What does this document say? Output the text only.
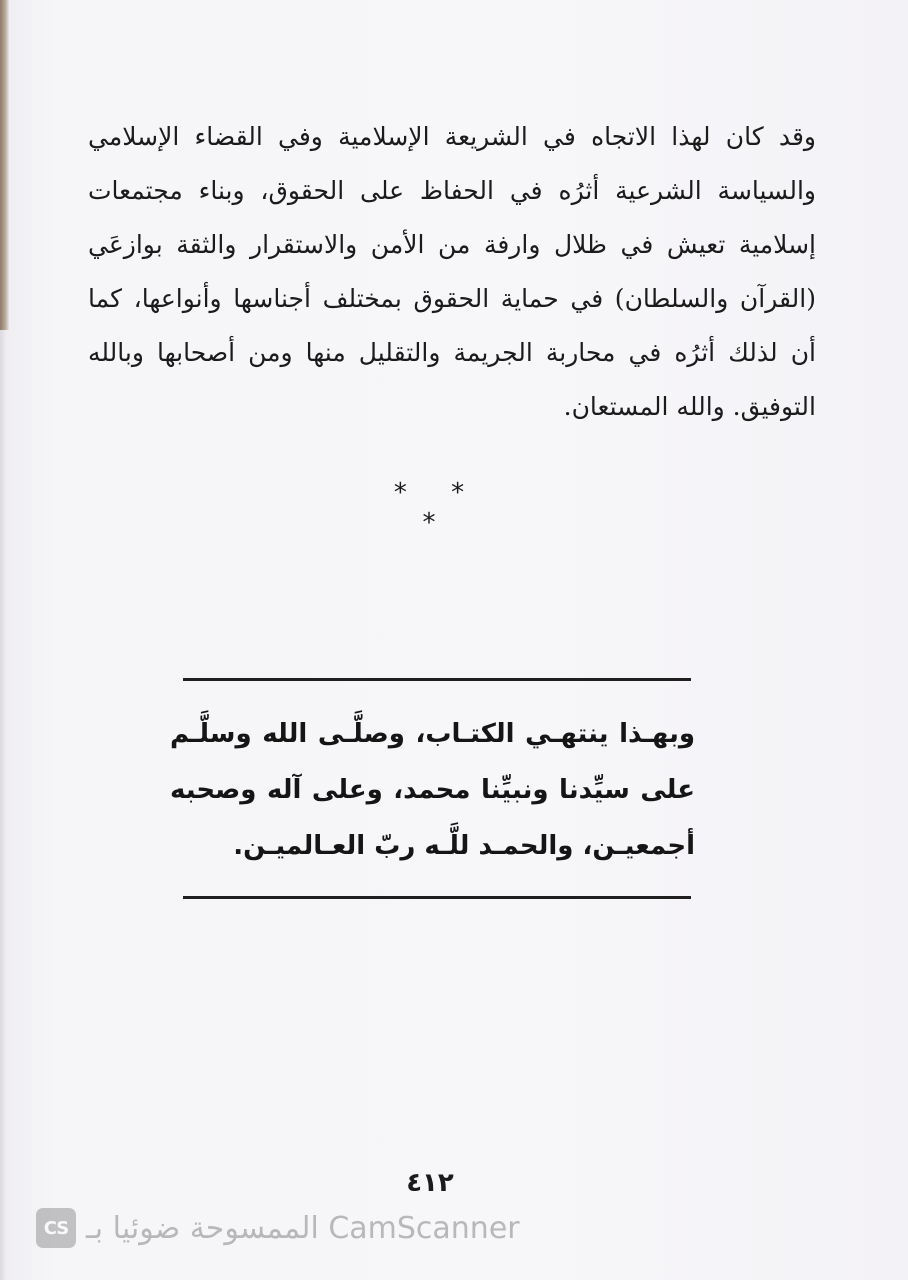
وقد كان لهذا الاتجاه في الشريعة الإسلامية وفي القضاء الإسلامي والسياسة الشرعية أثرُه في الحفاظ على الحقوق، وبناء مجتمعات إسلامية تعيش في ظلال وارفة من الأمن والاستقرار والثقة بوازعَي (القرآن والسلطان) في حماية الحقوق بمختلف أجناسها وأنواعها، كما أن لذلك أثرُه في محاربة الجريمة والتقليل منها ومن أصحابها وبالله التوفيق. والله المستعان.

* * *

وبهـذا ينتهـي الكتـاب، وصلَّـى الله وسلَّـم على سيِّدنا ونبيِّنا محمد، وعلى آله وصحبه أجمعيـن، والحمـد للَّـه ربّ العـالميـن.

٤١٢
CS الممسوحة ضوئيا بـ CamScanner
